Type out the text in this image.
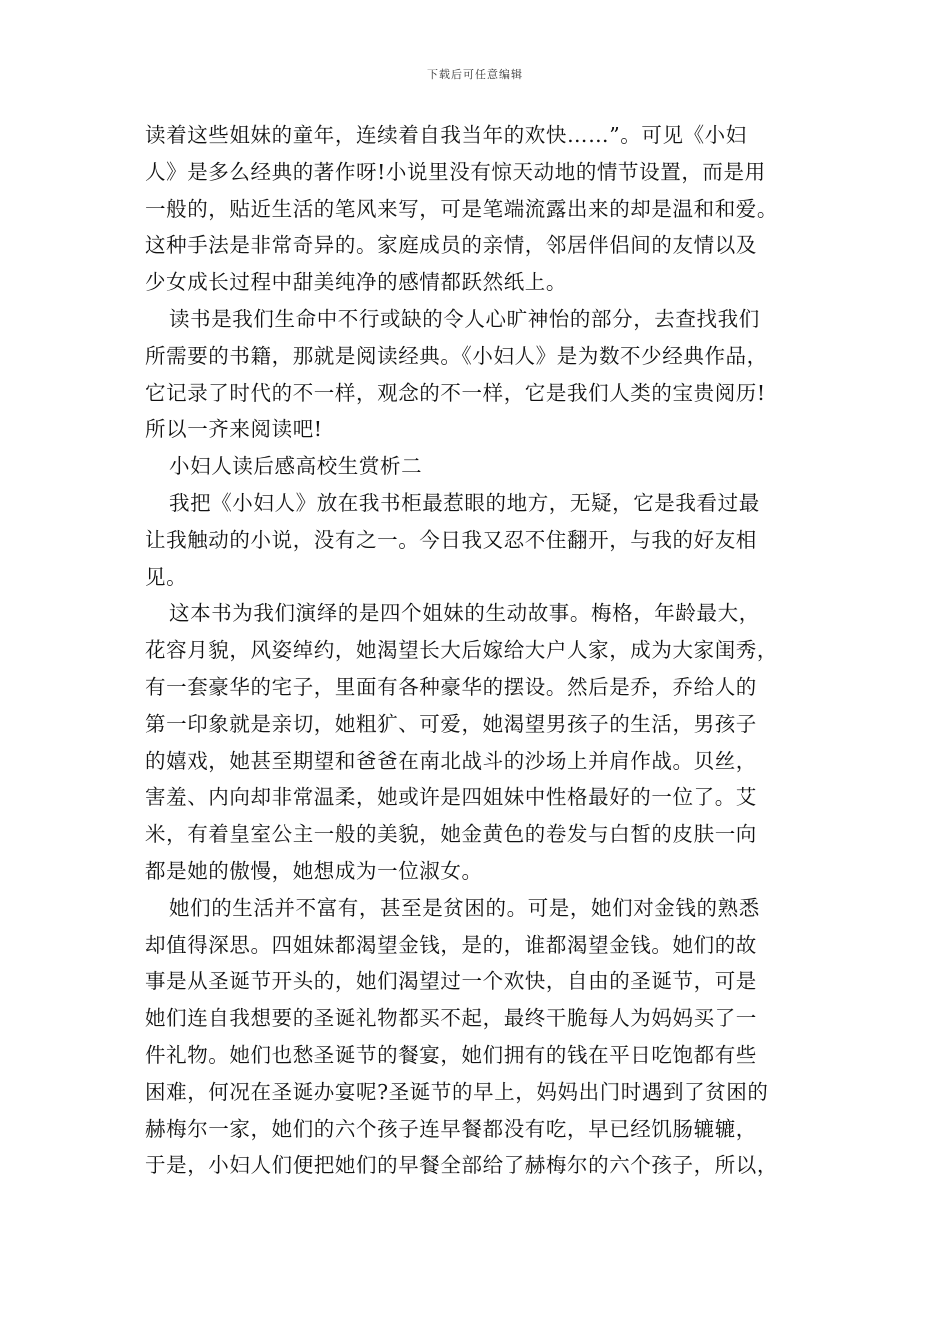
下载后可任意编辑
读着这些姐妹的童年，连续着自我当年的欢快……”。可见《小妇
人》是多么经典的著作呀!小说里没有惊天动地的情节设置，而是用
一般的，贴近生活的笔风来写，可是笔端流露出来的却是温和和爱。
这种手法是非常奇异的。家庭成员的亲情，邻居伴侣间的友情以及
少女成长过程中甜美纯净的感情都跃然纸上。
读书是我们生命中不行或缺的令人心旷神怡的部分，去查找我们
所需要的书籍，那就是阅读经典。《小妇人》是为数不少经典作品，
它记录了时代的不一样，观念的不一样，它是我们人类的宝贵阅历!
所以一齐来阅读吧!
小妇人读后感高校生赏析二
我把《小妇人》放在我书柜最惹眼的地方，无疑，它是我看过最
让我触动的小说，没有之一。今日我又忍不住翻开，与我的好友相
见。
这本书为我们演绎的是四个姐妹的生动故事。梅格，年龄最大，
花容月貌，风姿绰约，她渴望长大后嫁给大户人家，成为大家闺秀，
有一套豪华的宅子，里面有各种豪华的摆设。然后是乔，乔给人的
第一印象就是亲切，她粗犷、可爱，她渴望男孩子的生活，男孩子
的嬉戏，她甚至期望和爸爸在南北战斗的沙场上并肩作战。贝丝，
害羞、内向却非常温柔，她或许是四姐妹中性格最好的一位了。艾
米，有着皇室公主一般的美貌，她金黄色的卷发与白皙的皮肤一向
都是她的傲慢，她想成为一位淑女。
她们的生活并不富有，甚至是贫困的。可是，她们对金钱的熟悉
却值得深思。四姐妹都渴望金钱，是的，谁都渴望金钱。她们的故
事是从圣诞节开头的，她们渴望过一个欢快，自由的圣诞节，可是
她们连自我想要的圣诞礼物都买不起，最终干脆每人为妈妈买了一
件礼物。她们也愁圣诞节的餐宴，她们拥有的钱在平日吃饱都有些
困难，何况在圣诞办宴呢?圣诞节的早上，妈妈出门时遇到了贫困的
赫梅尔一家，她们的六个孩子连早餐都没有吃，早已经饥肠辘辘，
于是，小妇人们便把她们的早餐全部给了赫梅尔的六个孩子，所以，
